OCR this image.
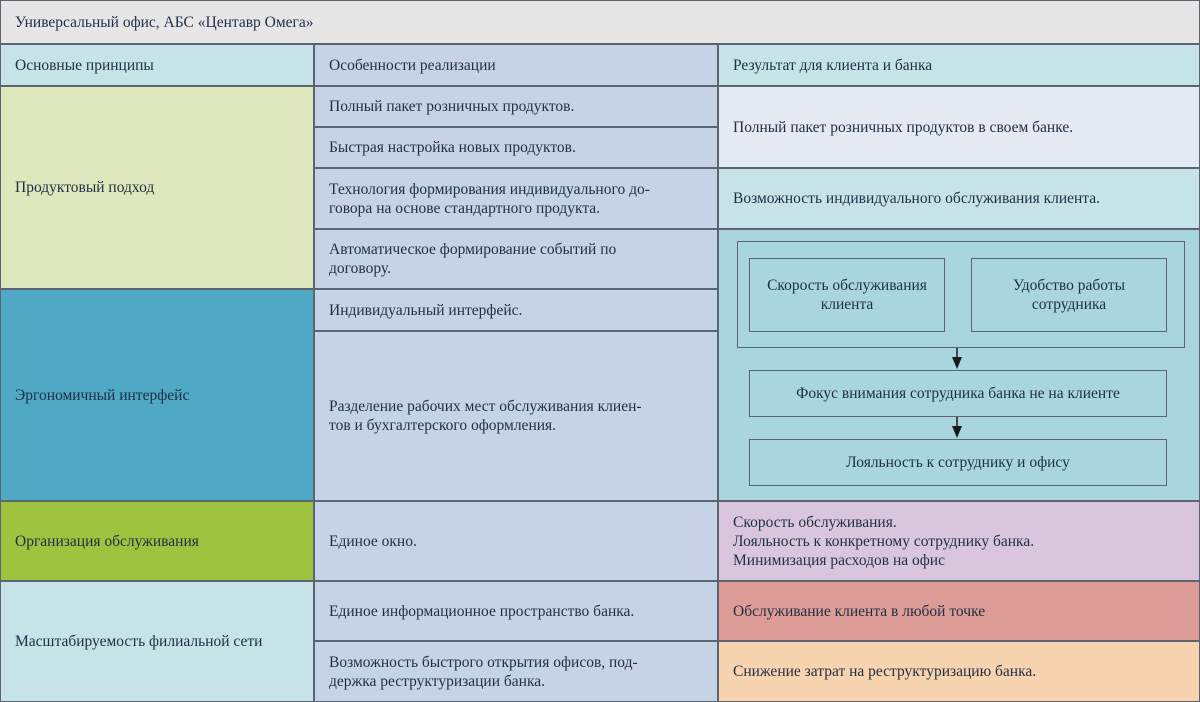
Универсальный офис, АБС «Центавр Омега»
Основные принципы	Особенности реализации	Результат для клиента и банка
Продуктовый подход
Эргономичный интерфейс
Организация обслуживания
Масштабируемость филиальной сети
Полный пакет розничных продуктов.
Быстрая настройка новых продуктов.
Технология формирования индивидуального до-
говора на основе стандартного продукта.
Автоматическое формирование событий по
договору.
Индивидуальный интерфейс.
Разделение рабочих мест обслуживания клиен-
тов и бухгалтерского оформления.
Единое окно.
Единое информационное пространство банка.
Возможность быстрого открытия офисов, под-
держка реструктуризации банка.
Полный пакет розничных продуктов в своем банке.
Возможность индивидуального обслуживания клиента.
Скорость обслуживания.
Лояльность к конкретному сотруднику банка.
Минимизация расходов на офис
Обслуживание клиента в любой точке
Снижение затрат на реструктуризацию банка.
Скорость обслуживания
клиента
Удобство работы
сотрудника
Фокус внимания сотрудника банка не на клиенте
Лояльность к сотруднику и офису
